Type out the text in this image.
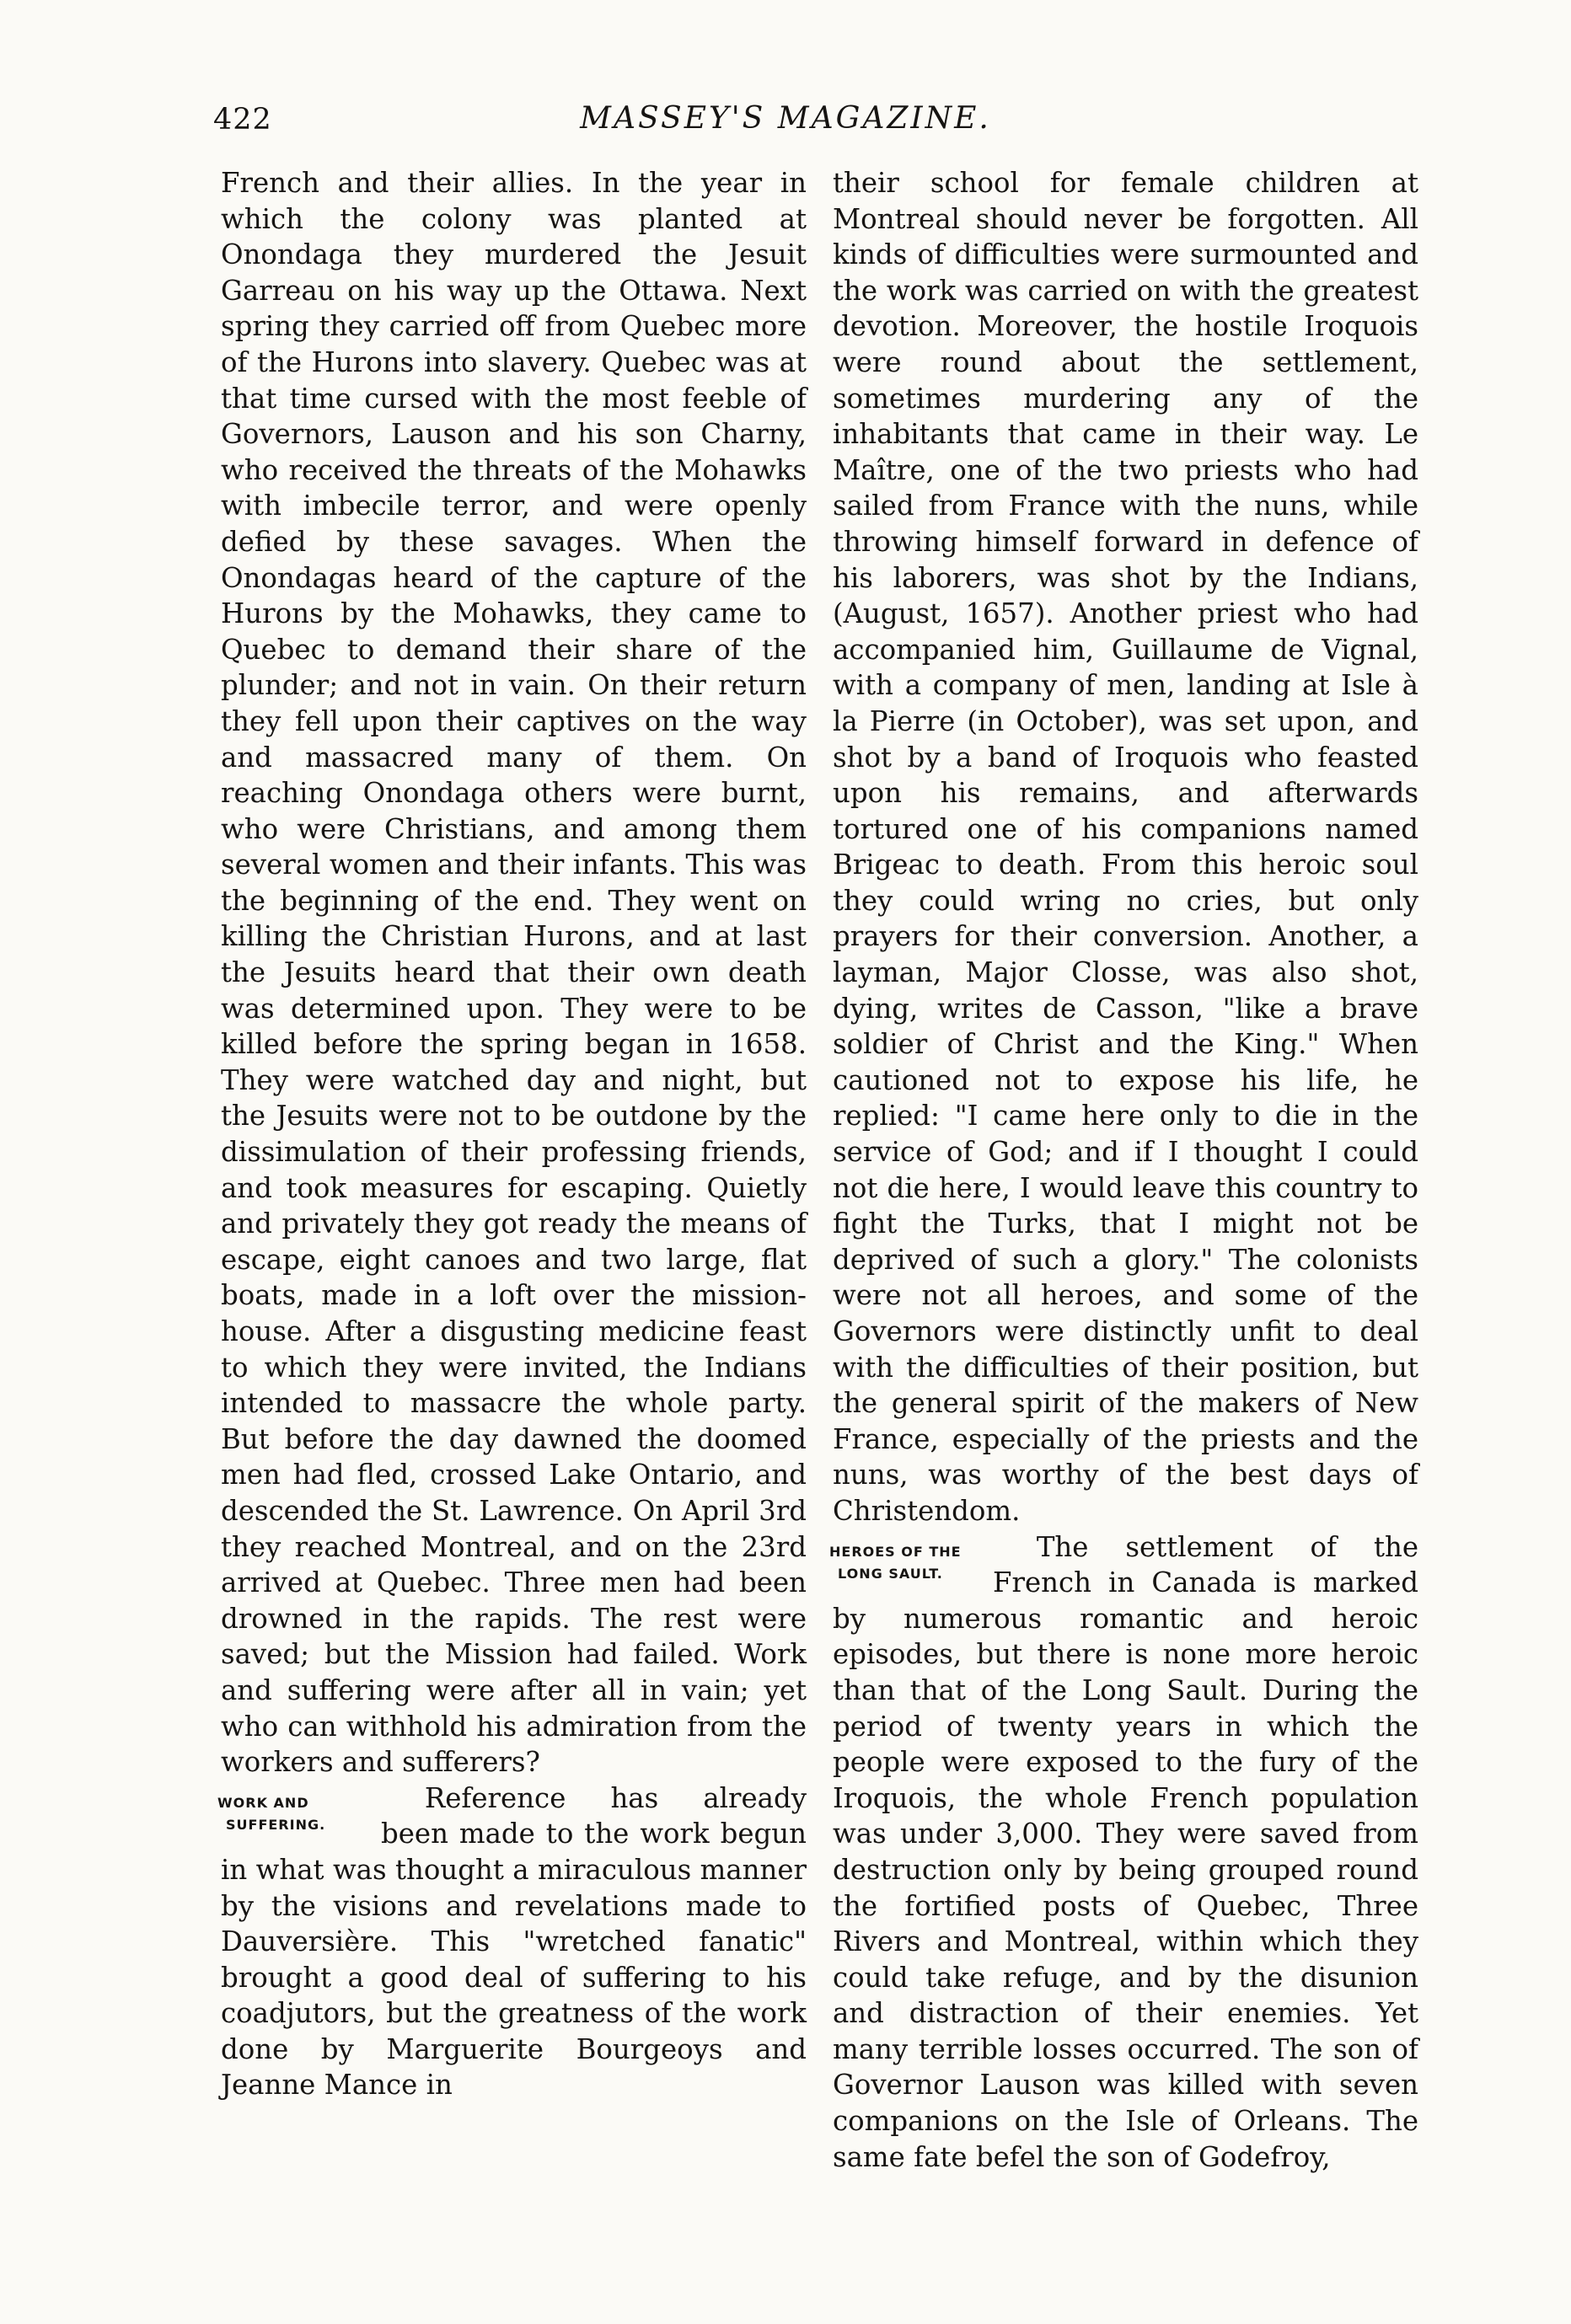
422	MASSEY'S MAGAZINE.

French and their allies. In the year in which the colony was planted at Onondaga they murdered the Jesuit Garreau on his way up the Ottawa. Next spring they carried off from Quebec more of the Hurons into slavery. Quebec was at that time cursed with the most feeble of Governors, Lauson and his son Charny, who received the threats of the Mohawks with imbecile terror, and were openly defied by these savages. When the Onondagas heard of the capture of the Hurons by the Mohawks, they came to Quebec to demand their share of the plunder; and not in vain. On their return they fell upon their captives on the way and massacred many of them. On reaching Onondaga others were burnt, who were Christians, and among them several women and their infants. This was the beginning of the end. They went on killing the Christian Hurons, and at last the Jesuits heard that their own death was determined upon. They were to be killed before the spring began in 1658. They were watched day and night, but the Jesuits were not to be outdone by the dissimulation of their professing friends, and took measures for escaping. Quietly and privately they got ready the means of escape, eight canoes and two large, flat boats, made in a loft over the mission-house. After a disgusting medicine feast to which they were invited, the Indians intended to massacre the whole party. But before the day dawned the doomed men had fled, crossed Lake Ontario, and descended the St. Lawrence. On April 3rd they reached Montreal, and on the 23rd arrived at Quebec. Three men had been drowned in the rapids. The rest were saved; but the Mission had failed. Work and suffering were after all in vain; yet who can withhold his admiration from the workers and sufferers?

WORK AND
SUFFERING.

Reference has already been made to the work begun in what was thought a miraculous manner by the visions and revelations made to Dauversière. This "wretched fanatic" brought a good deal of suffering to his coadjutors, but the greatness of the work done by Marguerite Bourgeoys and Jeanne Mance in

their school for female children at Montreal should never be forgotten. All kinds of difficulties were surmounted and the work was carried on with the greatest devotion. Moreover, the hostile Iroquois were round about the settlement, sometimes murdering any of the inhabitants that came in their way. Le Maître, one of the two priests who had sailed from France with the nuns, while throwing himself forward in defence of his laborers, was shot by the Indians, (August, 1657). Another priest who had accompanied him, Guillaume de Vignal, with a company of men, landing at Isle à la Pierre (in October), was set upon, and shot by a band of Iroquois who feasted upon his remains, and afterwards tortured one of his companions named Brigeac to death. From this heroic soul they could wring no cries, but only prayers for their conversion. Another, a layman, Major Closse, was also shot, dying, writes de Casson, "like a brave soldier of Christ and the King." When cautioned not to expose his life, he replied: "I came here only to die in the service of God; and if I thought I could not die here, I would leave this country to fight the Turks, that I might not be deprived of such a glory." The colonists were not all heroes, and some of the Governors were distinctly unfit to deal with the difficulties of their position, but the general spirit of the makers of New France, especially of the priests and the nuns, was worthy of the best days of Christendom.

HEROES OF THE
LONG SAULT.

The settlement of the French in Canada is marked by numerous romantic and heroic episodes, but there is none more heroic than that of the Long Sault. During the period of twenty years in which the people were exposed to the fury of the Iroquois, the whole French population was under 3,000. They were saved from destruction only by being grouped round the fortified posts of Quebec, Three Rivers and Montreal, within which they could take refuge, and by the disunion and distraction of their enemies. Yet many terrible losses occurred. The son of Governor Lauson was killed with seven companions on the Isle of Orleans. The same fate befel the son of Godefroy,
